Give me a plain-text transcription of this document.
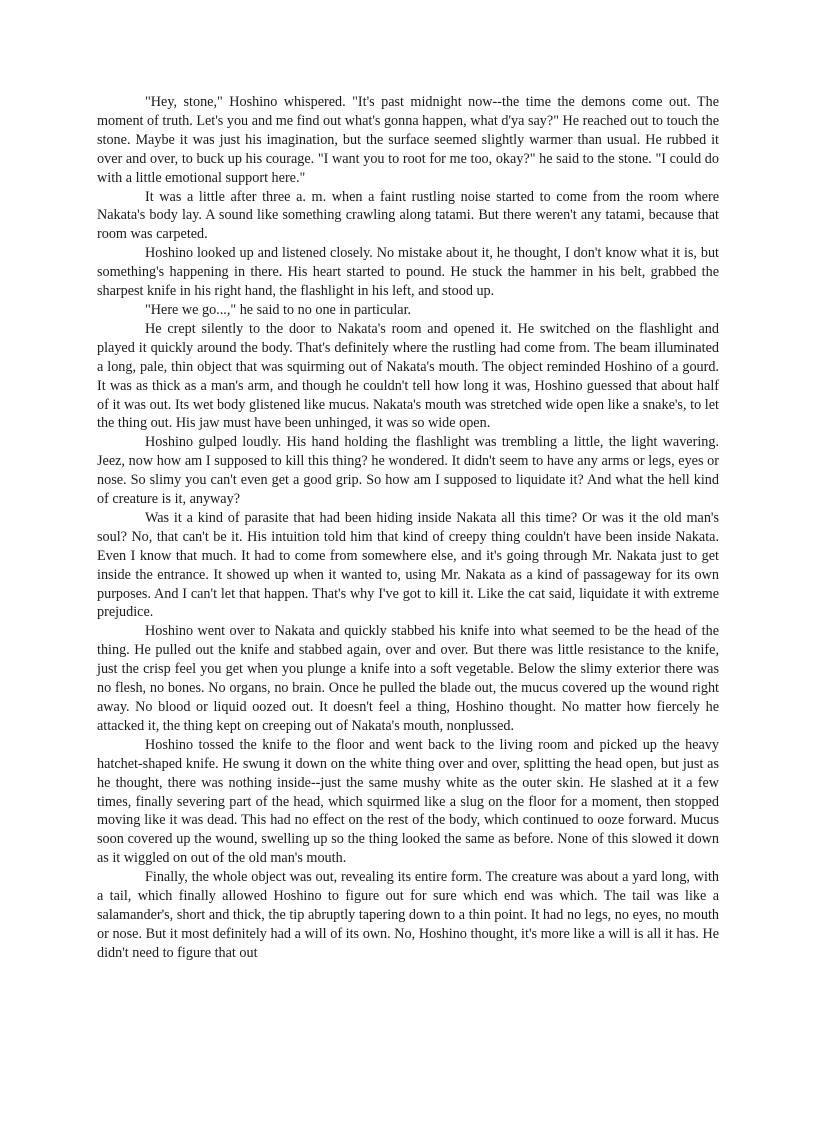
"Hey, stone," Hoshino whispered. "It's past midnight now--the time the demons come out. The moment of truth. Let's you and me find out what's gonna happen, what d'ya say?" He reached out to touch the stone. Maybe it was just his imagination, but the surface seemed slightly warmer than usual. He rubbed it over and over, to buck up his courage. "I want you to root for me too, okay?" he said to the stone. "I could do with a little emotional support here."

It was a little after three a. m. when a faint rustling noise started to come from the room where Nakata's body lay. A sound like something crawling along tatami. But there weren't any tatami, because that room was carpeted.

Hoshino looked up and listened closely. No mistake about it, he thought, I don't know what it is, but something's happening in there. His heart started to pound. He stuck the hammer in his belt, grabbed the sharpest knife in his right hand, the flashlight in his left, and stood up.

"Here we go...," he said to no one in particular.

He crept silently to the door to Nakata's room and opened it. He switched on the flashlight and played it quickly around the body. That's definitely where the rustling had come from. The beam illuminated a long, pale, thin object that was squirming out of Nakata's mouth. The object reminded Hoshino of a gourd. It was as thick as a man's arm, and though he couldn't tell how long it was, Hoshino guessed that about half of it was out. Its wet body glistened like mucus. Nakata's mouth was stretched wide open like a snake's, to let the thing out. His jaw must have been unhinged, it was so wide open.

Hoshino gulped loudly. His hand holding the flashlight was trembling a little, the light wavering. Jeez, now how am I supposed to kill this thing? he wondered. It didn't seem to have any arms or legs, eyes or nose. So slimy you can't even get a good grip. So how am I supposed to liquidate it? And what the hell kind of creature is it, anyway?

Was it a kind of parasite that had been hiding inside Nakata all this time? Or was it the old man's soul? No, that can't be it. His intuition told him that kind of creepy thing couldn't have been inside Nakata. Even I know that much. It had to come from somewhere else, and it's going through Mr. Nakata just to get inside the entrance. It showed up when it wanted to, using Mr. Nakata as a kind of passageway for its own purposes. And I can't let that happen. That's why I've got to kill it. Like the cat said, liquidate it with extreme prejudice.

Hoshino went over to Nakata and quickly stabbed his knife into what seemed to be the head of the thing. He pulled out the knife and stabbed again, over and over. But there was little resistance to the knife, just the crisp feel you get when you plunge a knife into a soft vegetable. Below the slimy exterior there was no flesh, no bones. No organs, no brain. Once he pulled the blade out, the mucus covered up the wound right away. No blood or liquid oozed out. It doesn't feel a thing, Hoshino thought. No matter how fiercely he attacked it, the thing kept on creeping out of Nakata's mouth, nonplussed.

Hoshino tossed the knife to the floor and went back to the living room and picked up the heavy hatchet-shaped knife. He swung it down on the white thing over and over, splitting the head open, but just as he thought, there was nothing inside--just the same mushy white as the outer skin. He slashed at it a few times, finally severing part of the head, which squirmed like a slug on the floor for a moment, then stopped moving like it was dead. This had no effect on the rest of the body, which continued to ooze forward. Mucus soon covered up the wound, swelling up so the thing looked the same as before. None of this slowed it down as it wiggled on out of the old man's mouth.

Finally, the whole object was out, revealing its entire form. The creature was about a yard long, with a tail, which finally allowed Hoshino to figure out for sure which end was which. The tail was like a salamander's, short and thick, the tip abruptly tapering down to a thin point. It had no legs, no eyes, no mouth or nose. But it most definitely had a will of its own. No, Hoshino thought, it's more like a will is all it has. He didn't need to figure that out
